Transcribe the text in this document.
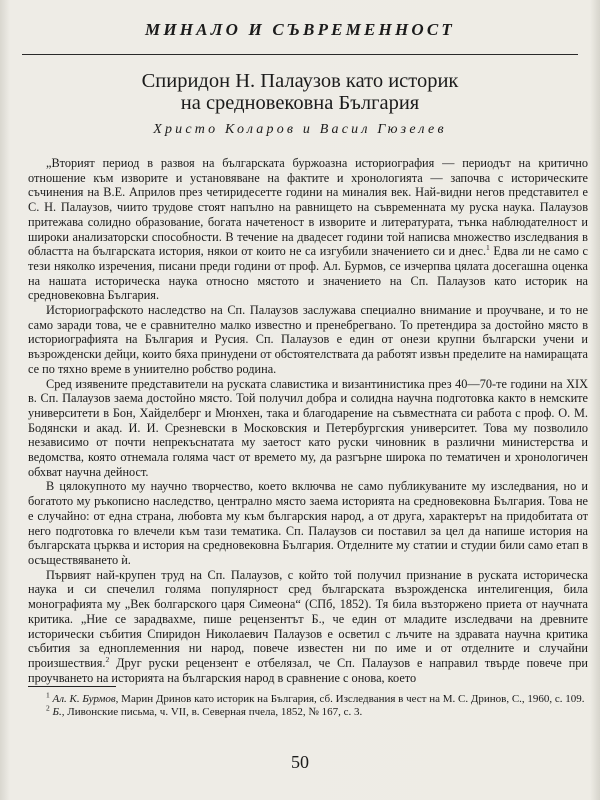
МИНАЛО И СЪВРЕМЕННОСТ
Спиридон Н. Палаузов като историк
на средновековна България
Христо Коларов и Васил Гюзелев

„Вторият период в развоя на българската буржоазна историография — периодът на критично отношение към изворите и установяване на фактите и хронологията — започва с историческите съчинения на В.Е. Априлов през четиридесетте години на миналия век. Най-видни негов представител е С. Н. Палаузов, чиито трудове стоят напълно на равнището на съвременната му руска наука. Палаузов притежава солидно образование, богата начетеност в изворите и литературата, тънка наблюдателност и широки анализаторски способности. В течение на двадесет години той написва множество изследвания в областта на българската история, някои от които не са изгубили значението си и днес.$^1$ Едва ли не само с тези няколко изречения, писани преди години от проф. Ал. Бурмов, се изчерпва цялата досегашна оценка на нашата историческа наука относно мястото и значението на Сп. Палаузов като историк на средновековна България.

Историографското наследство на Сп. Палаузов заслужава специално внимание и проучване, и то не само заради това, че е сравнително малко известно и пренебрегвано. То претендира за достойно място в историографията на България и Русия. Сп. Палаузов е един от онези крупни български учени и възрожденски дейци, които бяха принудени от обстоятелствата да работят извън пределите на намиращата се по тяхно време в униително робство родина.

Сред изявените представители на руската славистика и византинистика през 40—70-те години на XIX в. Сп. Палаузов заема достойно място. Той получил добра и солидна научна подготовка както в немските университети в Бон, Хайделберг и Мюнхен, така и благодарение на съвместната си работа с проф. О. М. Бодянски и акад. И. И. Срезневски в Московския и Петербургския университет. Това му позволило независимо от почти непрекъснатата му заетост като руски чиновник в различни министерства и ведомства, която отнемала голяма част от времето му, да разгърне широка по тематичен и хронологичен обхват научна дейност.

В цялокупното му научно творчество, което включва не само публикуваните му изследвания, но и богатото му ръкописно наследство, централно място заема историята на средновековна България. Това не е случайно: от една страна, любовта му към българския народ, а от друга, характерът на придобитата от него подготовка го влечели към тази тематика. Сп. Палаузов си поставил за цел да напише история на българската църква и история на средновековна България. Отделните му статии и студии били само етап в осъществяването ѝ.

Първият най-крупен труд на Сп. Палаузов, с който той получил признание в руската историческа наука и си спечелил голяма популярност сред българската възрожденска интелигенция, била монографията му „Век болгарского царя Симеона“ (СПб, 1852). Тя била възторжено приета от научната критика. „Ние се зарадвахме, пише рецензентът Б., че един от младите изследвачи на древните исторически събития Спиридон Николаевич Палаузов е осветил с лъчите на здравата научна критика събития за едноплеменния ни народ, повече известен ни по име и от отделните и случайни произшествия.$^2$ Друг руски рецензент е отбелязал, че Сп. Палаузов е направил твърде повече при проучването на историята на българския народ в сравнение с онова, което

$^1$ Ал. К. Бурмов, Марин Дринов като историк на България, сб. Изследвания в чест на М. С. Дринов, С., 1960, с. 109.

$^2$ Б., Ливонские письма, ч. VII, в. Северная пчела, 1852, № 167, с. 3.

50
